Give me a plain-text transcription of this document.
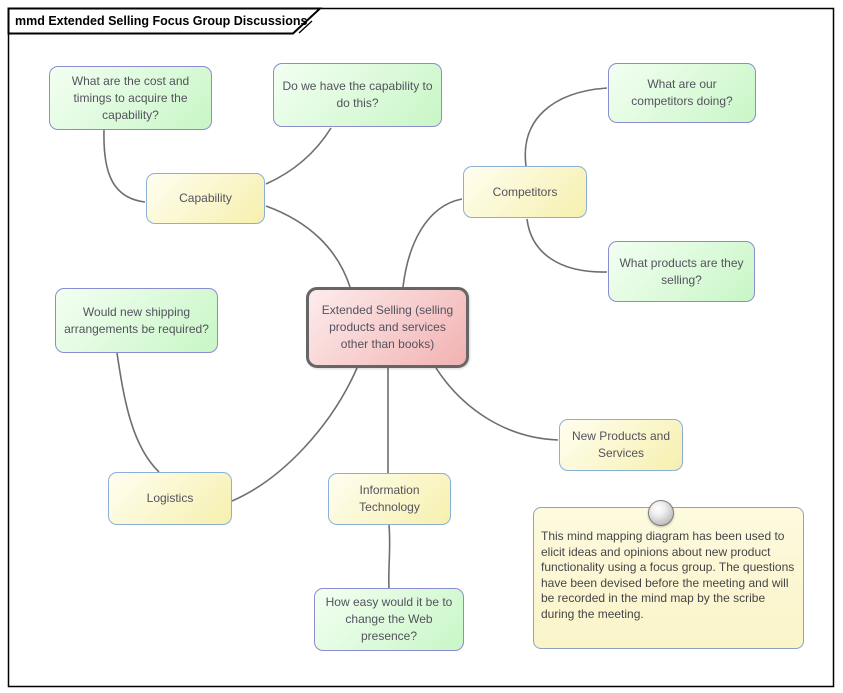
mmd Extended Selling Focus Group Discussions
Extended Selling (selling products and services other than books)
Capability	Competitors
Logistics
Information Technology
New Products and Services
What are the cost and timings to acquire the capability?
Do we have the capability to do this?
What are our competitors doing?
What products are they selling?
Would new shipping arrangements be required?
How easy would it be to change the Web presence?
This mind mapping diagram has been used to elicit ideas and opinions about new product functionality using a focus group. The questions have been devised before the meeting and will be recorded in the mind map by the scribe during the meeting.
